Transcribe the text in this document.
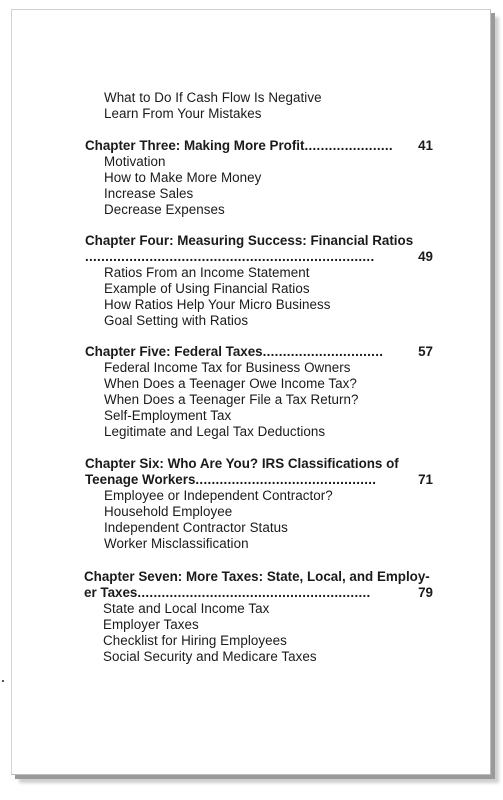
What to Do If Cash Flow Is Negative
Learn From Your Mistakes
Chapter Three: Making More Profit ......................	41
Motivation
How to Make More Money
Increase Sales
Decrease Expenses
Chapter Four: Measuring Success: Financial Ratios
........................................................................	49
Ratios From an Income Statement
Example of Using Financial Ratios
How Ratios Help Your Micro Business
Goal Setting with Ratios
Chapter Five: Federal Taxes ..............................	57
Federal Income Tax for Business Owners
When Does a Teenager Owe Income Tax?
When Does a Teenager File a Tax Return?
Self-Employment Tax
Legitimate and Legal Tax Deductions
Chapter Six: Who Are You? IRS Classifications of
Teenage Workers .............................................	71
Employee or Independent Contractor?
Household Employee
Independent Contractor Status
Worker Misclassification
Chapter Seven: More Taxes: State, Local, and Employ-
er Taxes ..........................................................	79
State and Local Income Tax
Employer Taxes
Checklist for Hiring Employees
Social Security and Medicare Taxes
